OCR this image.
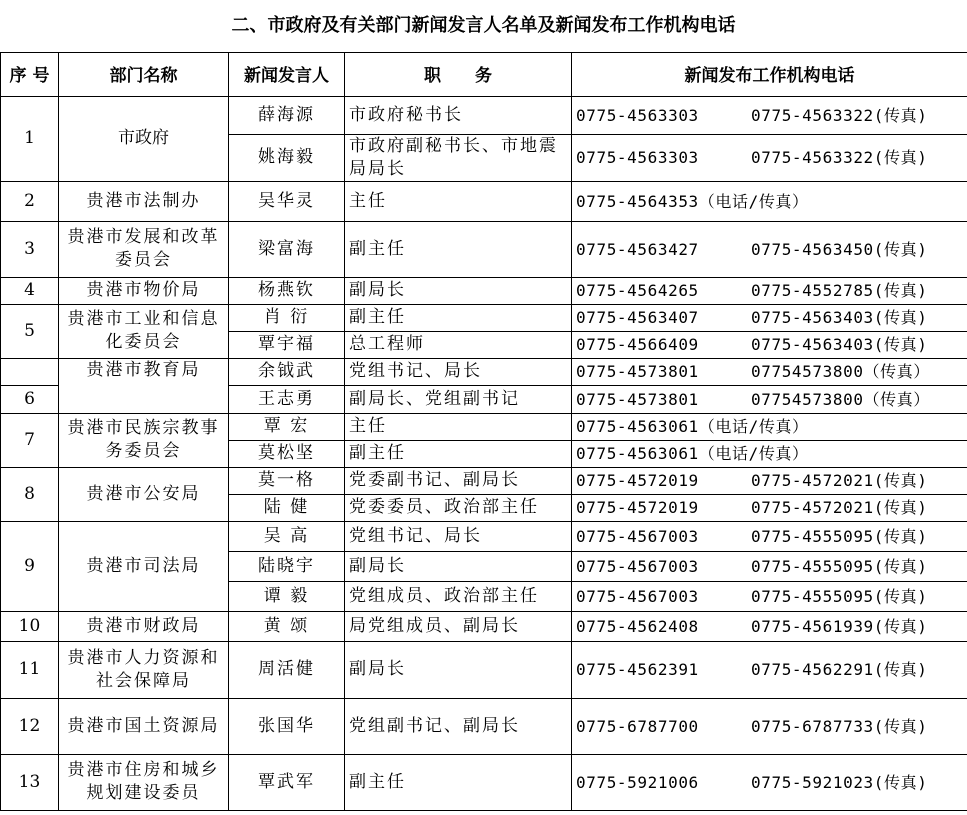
二、市政府及有关部门新闻发言人名单及新闻发布工作机构电话
序 号	部门名称	新闻发言人	职　　务	新闻发布工作机构电话
1	市政府	薛海源	市政府秘书长	0775-4563303 0775-4563322(传真)
		姚海毅	市政府副秘书长、市地震局局长	0775-4563303 0775-4563322(传真)
2	贵港市法制办	吴华灵	主任	0775-4564353（电话/传真）
3	贵港市发展和改革委员会	梁富海	副主任	0775-4563427 0775-4563450(传真)
4	贵港市物价局	杨燕钦	副局长	0775-4564265 0775-4552785(传真)
5	贵港市工业和信息化委员会	肖 衍	副主任	0775-4563407 0775-4563403(传真)
		覃宇福	总工程师	0775-4566409 0775-4563403(传真)
	贵港市教育局	余钺武	党组书记、局长	0775-4573801 07754573800（传真）
6		王志勇	副局长、党组副书记	0775-4573801 07754573800（传真）
7	贵港市民族宗教事务委员会	覃 宏	主任	0775-4563061（电话/传真）
		莫松坚	副主任	0775-4563061（电话/传真）
8	贵港市公安局	莫一格	党委副书记、副局长	0775-4572019 0775-4572021(传真)
		陆 健	党委委员、政治部主任	0775-4572019 0775-4572021(传真)
9	贵港市司法局	吴 高	党组书记、局长	0775-4567003 0775-4555095(传真)
		陆晓宇	副局长	0775-4567003 0775-4555095(传真)
		谭 毅	党组成员、政治部主任	0775-4567003 0775-4555095(传真)
10	贵港市财政局	黄 颂	局党组成员、副局长	0775-4562408 0775-4561939(传真)
11	贵港市人力资源和社会保障局	周活健	副局长	0775-4562391 0775-4562291(传真)
12	贵港市国土资源局	张国华	党组副书记、副局长	0775-6787700 0775-6787733(传真)
13	贵港市住房和城乡规划建设委员	覃武军	副主任	0775-5921006 0775-5921023(传真)
